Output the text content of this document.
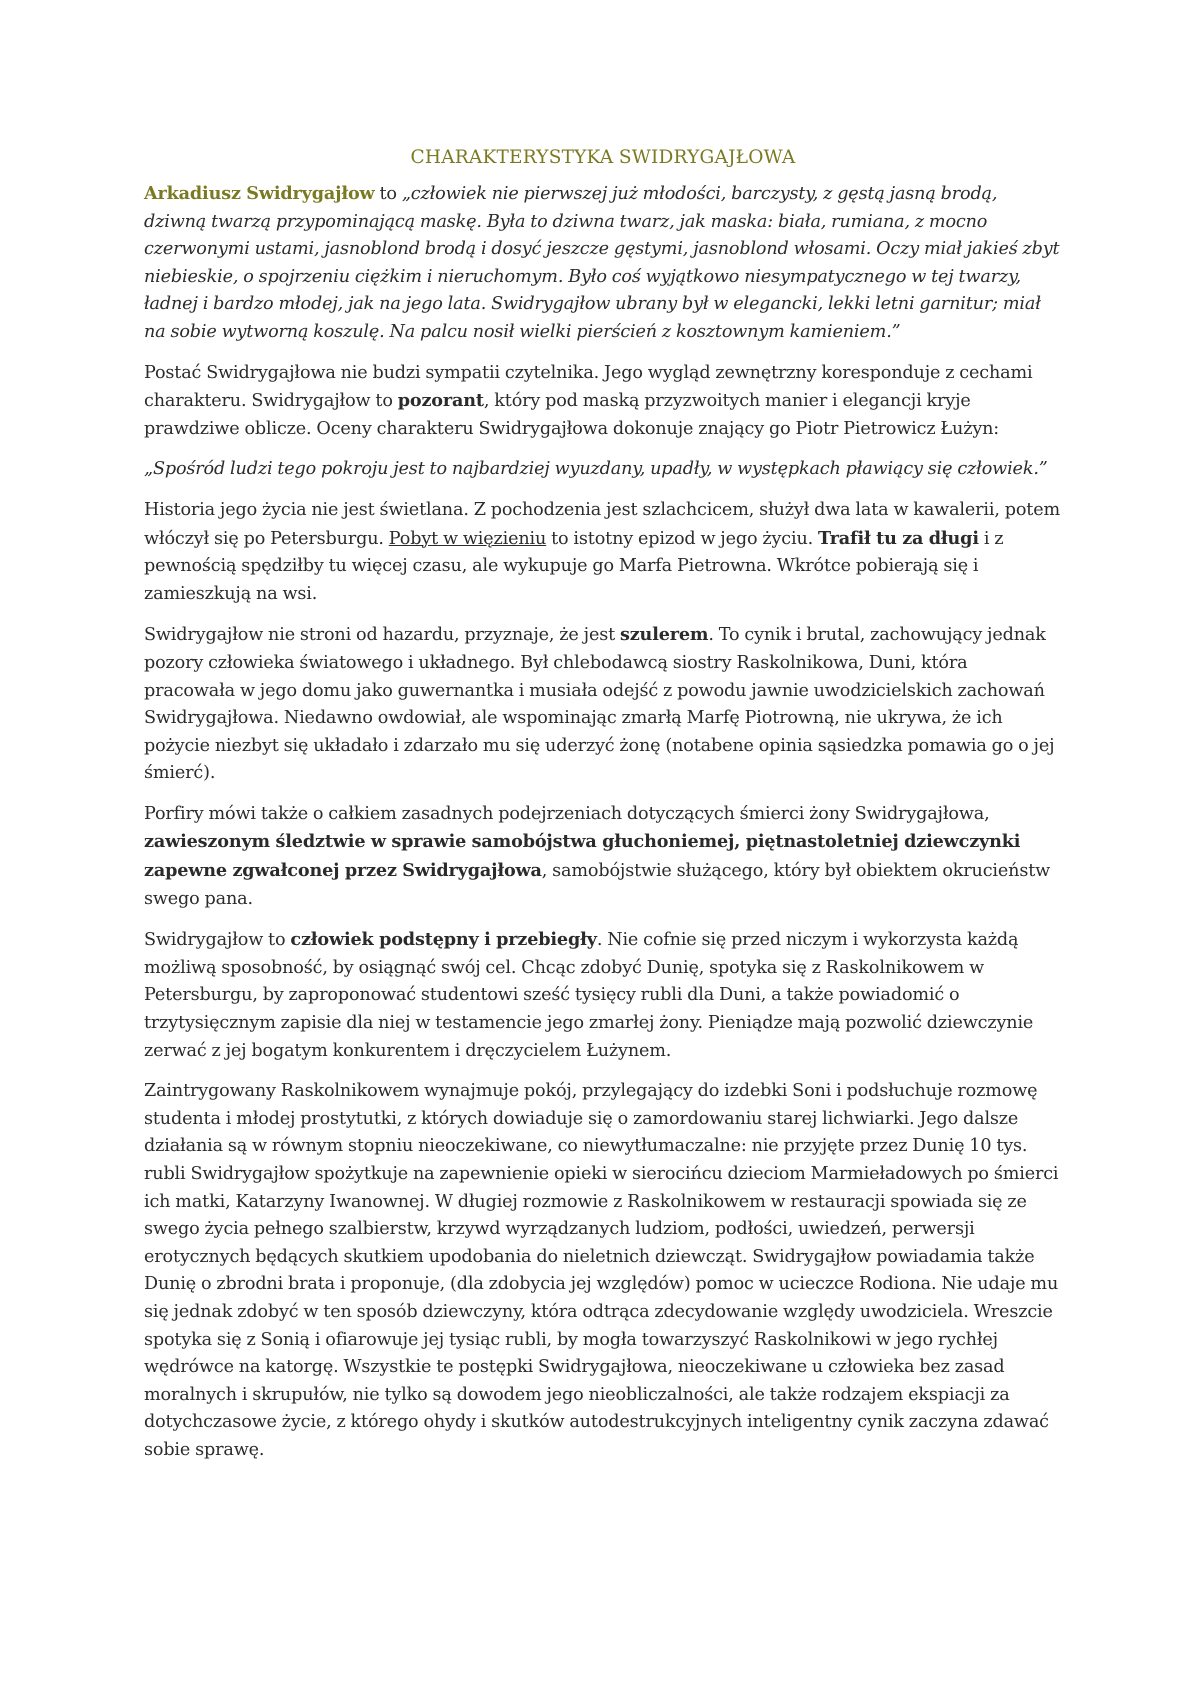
CHARAKTERYSTYKA SWIDRYGAJŁOWA

Arkadiusz Swidrygajłow to „człowiek nie pierwszej już młodości, barczysty, z gęstą jasną brodą, dziwną twarzą przypominającą maskę. Była to dziwna twarz, jak maska: biała, rumiana, z mocno czerwonymi ustami, jasnoblond brodą i dosyć jeszcze gęstymi, jasnoblond włosami. Oczy miał jakieś zbyt niebieskie, o spojrzeniu ciężkim i nieruchomym. Było coś wyjątkowo niesympatycznego w tej twarzy, ładnej i bardzo młodej, jak na jego lata. Swidrygajłow ubrany był w elegancki, lekki letni garnitur; miał na sobie wytworną koszulę. Na palcu nosił wielki pierścień z kosztownym kamieniem.”

Postać Swidrygajłowa nie budzi sympatii czytelnika. Jego wygląd zewnętrzny koresponduje z cechami charakteru. Swidrygajłow to pozorant, który pod maską przyzwoitych manier i elegancji kryje prawdziwe oblicze. Oceny charakteru Swidrygajłowa dokonuje znający go Piotr Pietrowicz Łużyn:

„Spośród ludzi tego pokroju jest to najbardziej wyuzdany, upadły, w występkach pławiący się człowiek.”

Historia jego życia nie jest świetlana. Z pochodzenia jest szlachcicem, służył dwa lata w kawalerii, potem włóczył się po Petersburgu. Pobyt w więzieniu to istotny epizod w jego życiu. Trafił tu za długi i z pewnością spędziłby tu więcej czasu, ale wykupuje go Marfa Pietrowna. Wkrótce pobierają się i zamieszkują na wsi.

Swidrygajłow nie stroni od hazardu, przyznaje, że jest szulerem. To cynik i brutal, zachowujący jednak pozory człowieka światowego i układnego. Był chlebodawcą siostry Raskolnikowa, Duni, która pracowała w jego domu jako guwernantka i musiała odejść z powodu jawnie uwodzicielskich zachowań Swidrygajłowa. Niedawno owdowiał, ale wspominając zmarłą Marfę Piotrowną, nie ukrywa, że ich pożycie niezbyt się układało i zdarzało mu się uderzyć żonę (notabene opinia sąsiedzka pomawia go o jej śmierć).

Porfiry mówi także o całkiem zasadnych podejrzeniach dotyczących śmierci żony Swidrygajłowa, zawieszonym śledztwie w sprawie samobójstwa głuchoniemej, piętnastoletniej dziewczynki zapewne zgwałconej przez Swidrygajłowa, samobójstwie służącego, który był obiektem okrucieństw swego pana.

Swidrygajłow to człowiek podstępny i przebiegły. Nie cofnie się przed niczym i wykorzysta każdą możliwą sposobność, by osiągnąć swój cel. Chcąc zdobyć Dunię, spotyka się z Raskolnikowem w Petersburgu, by zaproponować studentowi sześć tysięcy rubli dla Duni, a także powiadomić o trzytysięcznym zapisie dla niej w testamencie jego zmarłej żony. Pieniądze mają pozwolić dziewczynie zerwać z jej bogatym konkurentem i dręczycielem Łużynem.

Zaintrygowany Raskolnikowem wynajmuje pokój, przylegający do izdebki Soni i podsłuchuje rozmowę studenta i młodej prostytutki, z których dowiaduje się o zamordowaniu starej lichwiarki. Jego dalsze działania są w równym stopniu nieoczekiwane, co niewytłumaczalne: nie przyjęte przez Dunię 10 tys. rubli Swidrygajłow spożytkuje na zapewnienie opieki w sierocińcu dzieciom Marmieładowych po śmierci ich matki, Katarzyny Iwanownej. W długiej rozmowie z Raskolnikowem w restauracji spowiada się ze swego życia pełnego szalbierstw, krzywd wyrządzanych ludziom, podłości, uwiedzeń, perwersji erotycznych będących skutkiem upodobania do nieletnich dziewcząt. Swidrygajłow powiadamia także Dunię o zbrodni brata i proponuje, (dla zdobycia jej względów) pomoc w ucieczce Rodiona. Nie udaje mu się jednak zdobyć w ten sposób dziewczyny, która odtrąca zdecydowanie względy uwodziciela. Wreszcie spotyka się z Sonią i ofiarowuje jej tysiąc rubli, by mogła towarzyszyć Raskolnikowi w jego rychłej wędrówce na katorgę. Wszystkie te postępki Swidrygajłowa, nieoczekiwane u człowieka bez zasad moralnych i skrupułów, nie tylko są dowodem jego nieobliczalności, ale także rodzajem ekspiacji za dotychczasowe życie, z którego ohydy i skutków autodestrukcyjnych inteligentny cynik zaczyna zdawać sobie sprawę.
